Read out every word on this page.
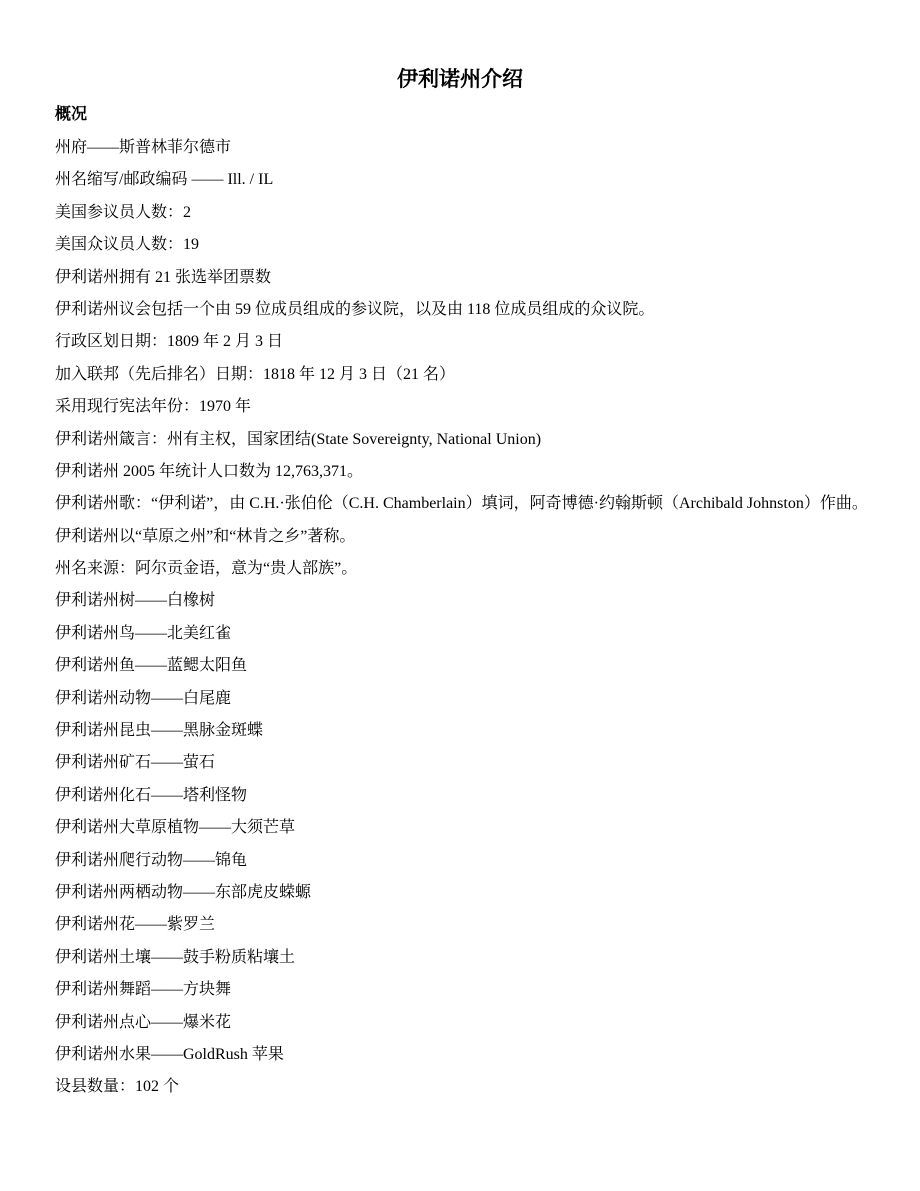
伊利诺州介绍
概况
州府——斯普林菲尔德市
州名缩写/邮政编码 —— Ill. / IL
美国参议员人数：2
美国众议员人数：19
伊利诺州拥有 21 张选举团票数
伊利诺州议会包括一个由 59 位成员组成的参议院，以及由 118 位成员组成的众议院。
行政区划日期：1809 年 2 月 3 日
加入联邦（先后排名）日期：1818 年 12 月 3 日（21 名）
采用现行宪法年份：1970 年
伊利诺州箴言：州有主权，国家团结(State Sovereignty, National Union)
伊利诺州 2005 年统计人口数为 12,763,371。
伊利诺州歌：“伊利诺”，由 C.H.·张伯伦（C.H. Chamberlain）填词，阿奇博德·约翰斯顿（Archibald Johnston）作曲。
伊利诺州以“草原之州”和“林肯之乡”著称。
州名来源：阿尔贡金语，意为“贵人部族”。
伊利诺州树——白橡树
伊利诺州鸟——北美红雀
伊利诺州鱼——蓝鳃太阳鱼
伊利诺州动物——白尾鹿
伊利诺州昆虫——黑脉金斑蝶
伊利诺州矿石——萤石
伊利诺州化石——塔利怪物
伊利诺州大草原植物——大须芒草
伊利诺州爬行动物——锦龟
伊利诺州两栖动物——东部虎皮蝾螈
伊利诺州花——紫罗兰
伊利诺州土壤——鼓手粉质粘壤土
伊利诺州舞蹈——方块舞
伊利诺州点心——爆米花
伊利诺州水果——GoldRush 苹果
设县数量：102 个
